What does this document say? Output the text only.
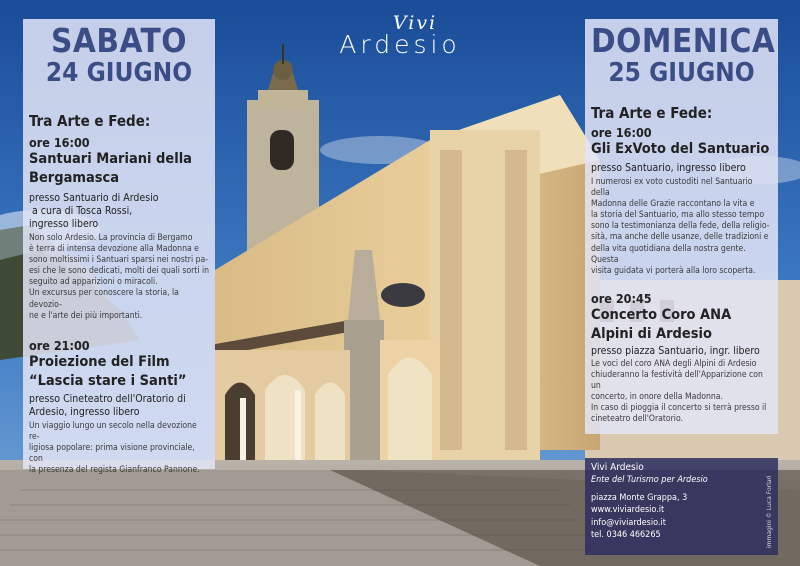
Vivi
Ardesio
SABATO
24 GIUGNO
Tra Arte e Fede:
ore 16:00
Santuari Mariani della
Bergamasca
presso Santuario di Ardesio
a cura di Tosca Rossi,
ingresso libero
Non solo Ardesio. La provincia di Bergamo
è terra di intensa devozione alla Madonna e
sono moltissimi i Santuari sparsi nei nostri pa-
esi che le sono dedicati, molti dei quali sorti in
seguito ad apparizioni o miracoli.
Un excursus per conoscere la storia, la devozio-
ne e l'arte dei più importanti.
ore 21:00
Proiezione del Film
“Lascia stare i Santi”
presso Cineteatro dell'Oratorio di
Ardesio, ingresso libero
Un viaggio lungo un secolo nella devozione re-
ligiosa popolare: prima visione provinciale, con
la presenza del regista Gianfranco Pannone.
DOMENICA
25 GIUGNO
Tra Arte e Fede:
ore 16:00
Gli ExVoto del Santuario
presso Santuario, ingresso libero
I numerosi ex voto custoditi nel Santuario della
Madonna delle Grazie raccontano la vita e
la storia del Santuario, ma allo stesso tempo
sono la testimonianza della fede, della religio-
sità, ma anche delle usanze, delle tradizioni e
della vita quotidiana della nostra gente. Questa
visita guidata vi porterà alla loro scoperta.
ore 20:45
Concerto Coro ANA
Alpini di Ardesio
presso piazza Santuario, ingr. libero
Le voci del coro ANA degli Alpini di Ardesio
chiuderanno la festività dell'Apparizione con un
concerto, in onore della Madonna.
In caso di pioggia il concerto si terrà presso il
cineteatro dell'Oratorio.
Vivi Ardesio
Ente del Turismo per Ardesio
piazza Monte Grappa, 3
www.viviardesio.it
info@viviardesio.it
tel. 0346 466265	immagini © Luca Forlari
